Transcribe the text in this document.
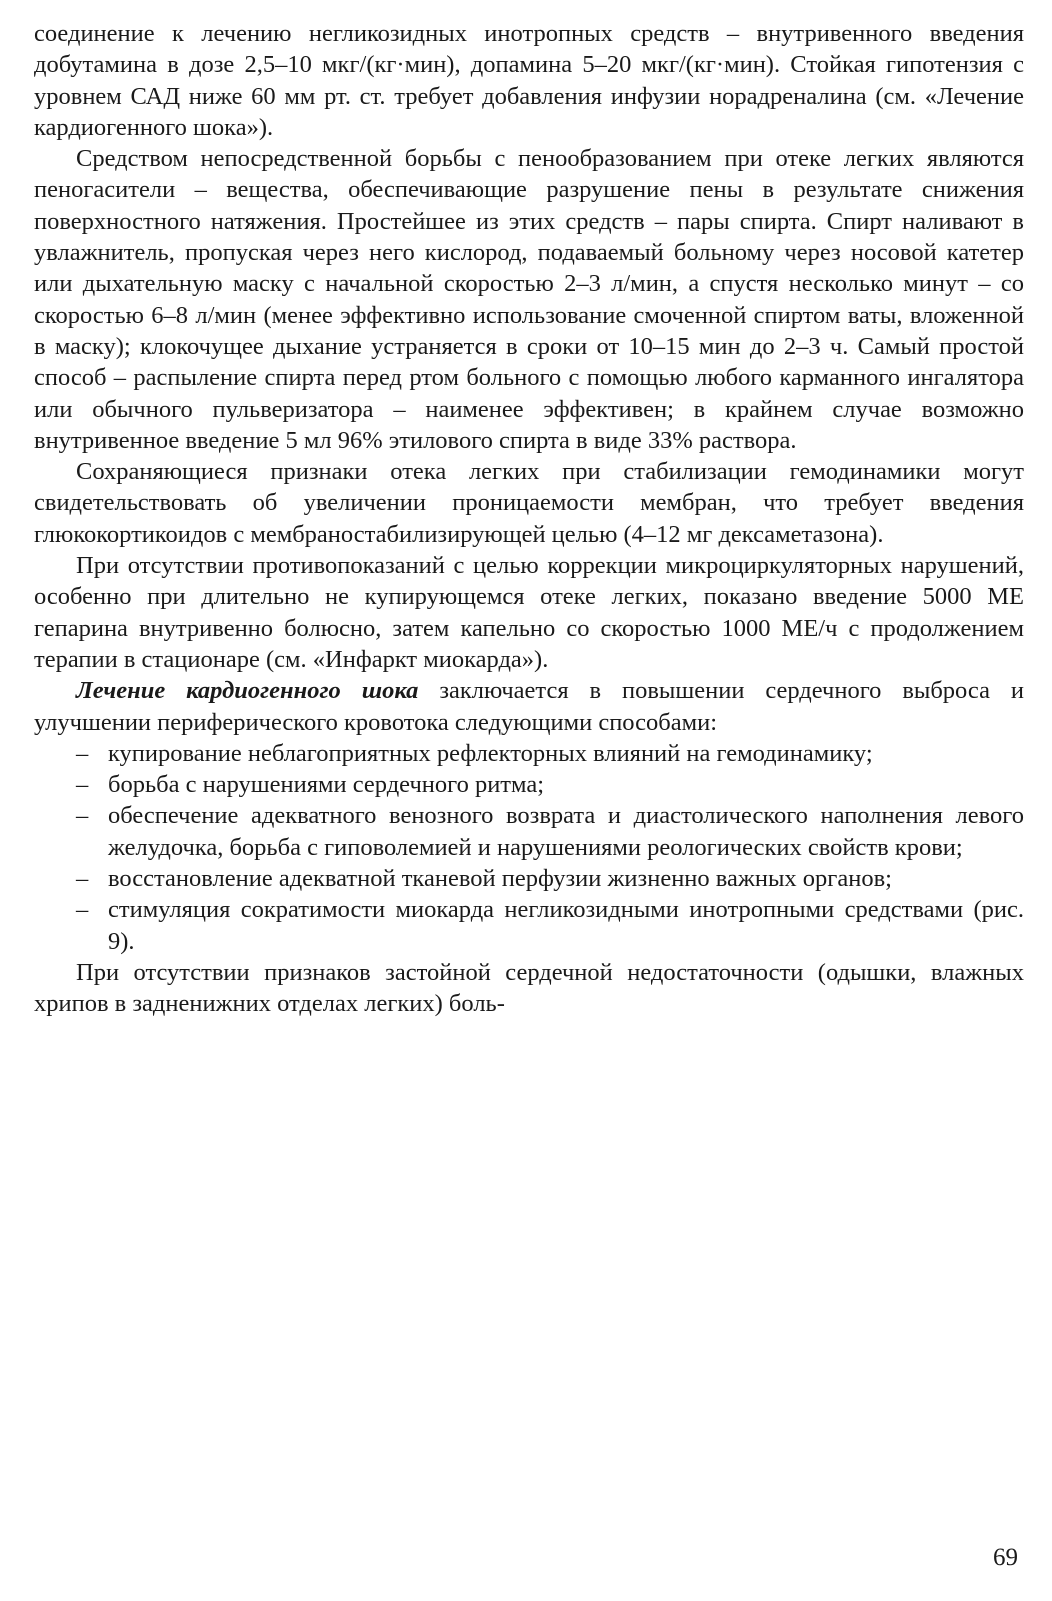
соединение к лечению негликозидных инотропных средств – внутривенного введения добутамина в дозе 2,5–10 мкг/(кг·мин), допамина 5–20 мкг/(кг·мин). Стойкая гипотензия с уровнем САД ниже 60 мм рт. ст. требует добавления инфузии норадреналина (см. «Лечение кардиогенного шока»).

Средством непосредственной борьбы с пенообразованием при отеке легких являются пеногасители – вещества, обеспечивающие разрушение пены в результате снижения поверхностного натяжения. Простейшее из этих средств – пары спирта. Спирт наливают в увлажнитель, пропуская через него кислород, подаваемый больному через носовой катетер или дыхательную маску с начальной скоростью 2–3 л/мин, а спустя несколько минут – со скоростью 6–8 л/мин (менее эффективно использование смоченной спиртом ваты, вложенной в маску); клокочущее дыхание устраняется в сроки от 10–15 мин до 2–3 ч. Самый простой способ – распыление спирта перед ртом больного с помощью любого карманного ингалятора или обычного пульверизатора – наименее эффективен; в крайнем случае возможно внутривенное введение 5 мл 96% этилового спирта в виде 33% раствора.

Сохраняющиеся признаки отека легких при стабилизации гемодинамики могут свидетельствовать об увеличении проницаемости мембран, что требует введения глюкокортикоидов с мембраностабилизирующей целью (4–12 мг дексаметазона).

При отсутствии противопоказаний с целью коррекции микроциркуляторных нарушений, особенно при длительно не купирующемся отеке легких, показано введение 5000 МЕ гепарина внутривенно болюсно, затем капельно со скоростью 1000 МЕ/ч с продолжением терапии в стационаре (см. «Инфаркт миокарда»).

Лечение кардиогенного шока заключается в повышении сердечного выброса и улучшении периферического кровотока следующими способами:

– купирование неблагоприятных рефлекторных влияний на гемодинамику;
– борьба с нарушениями сердечного ритма;
– обеспечение адекватного венозного возврата и диастолического наполнения левого желудочка, борьба с гиповолемией и нарушениями реологических свойств крови;
– восстановление адекватной тканевой перфузии жизненно важных органов;
– стимуляция сократимости миокарда негликозидными инотропными средствами (рис. 9).

При отсутствии признаков застойной сердечной недостаточности (одышки, влажных хрипов в задненижних отделах легких) боль-

69
